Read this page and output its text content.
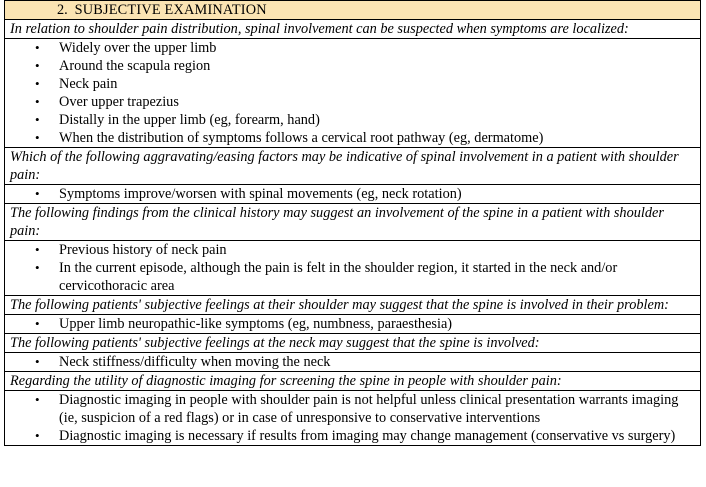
2. SUBJECTIVE EXAMINATION
In relation to shoulder pain distribution, spinal involvement can be suspected when symptoms are localized:

• Widely over the upper limb
• Around the scapula region
• Neck pain
• Over upper trapezius
• Distally in the upper limb (eg, forearm, hand)
• When the distribution of symptoms follows a cervical root pathway (eg, dermatome)

Which of the following aggravating/easing factors may be indicative of spinal involvement in a patient with shoulder pain:

• Symptoms improve/worsen with spinal movements (eg, neck rotation)

The following findings from the clinical history may suggest an involvement of the spine in a patient with shoulder pain:

• Previous history of neck pain
• In the current episode, although the pain is felt in the shoulder region, it started in the neck and/or cervicothoracic area

The following patients' subjective feelings at their shoulder may suggest that the spine is involved in their problem:

• Upper limb neuropathic-like symptoms (eg, numbness, paraesthesia)

The following patients' subjective feelings at the neck may suggest that the spine is involved:

• Neck stiffness/difficulty when moving the neck

Regarding the utility of diagnostic imaging for screening the spine in people with shoulder pain:

• Diagnostic imaging in people with shoulder pain is not helpful unless clinical presentation warrants imaging (ie, suspicion of a red flags) or in case of unresponsive to conservative interventions
• Diagnostic imaging is necessary if results from imaging may change management (conservative vs surgery)
